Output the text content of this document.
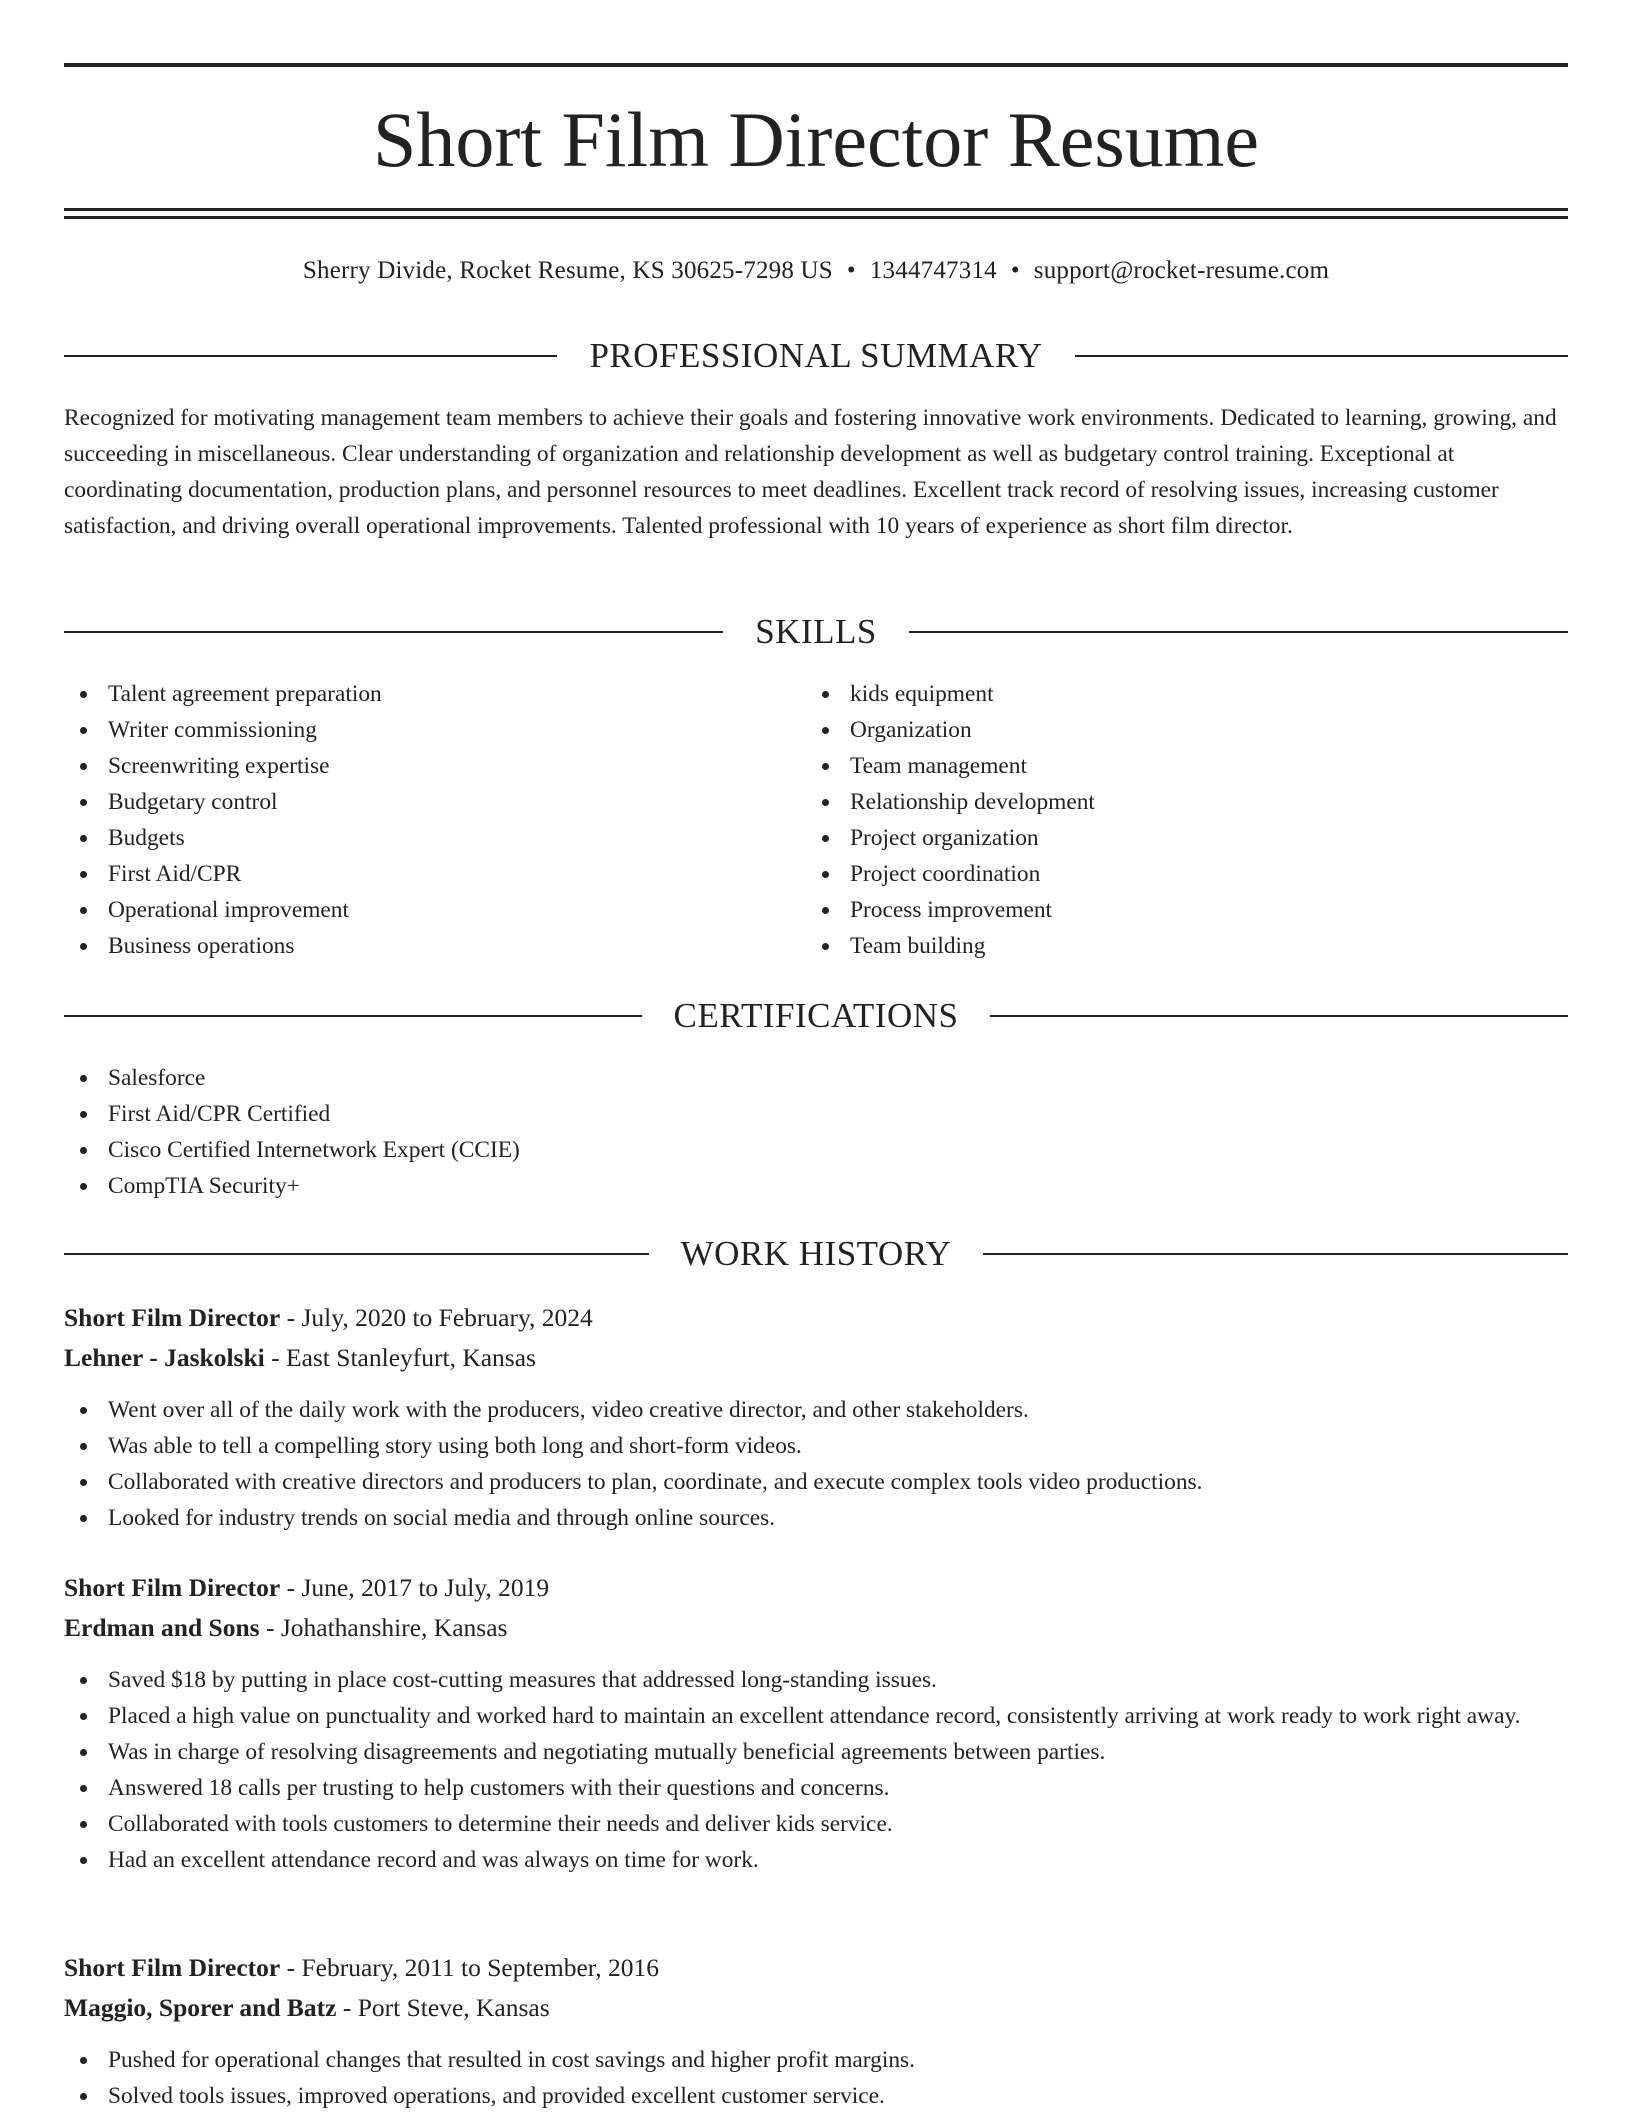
Short Film Director Resume
Sherry Divide, Rocket Resume, KS 30625-7298 US • 1344747314 • support@rocket-resume.com
PROFESSIONAL SUMMARY

Recognized for motivating management team members to achieve their goals and fostering innovative work environments. Dedicated to learning, growing, and succeeding in miscellaneous. Clear understanding of organization and relationship development as well as budgetary control training. Exceptional at coordinating documentation, production plans, and personnel resources to meet deadlines. Excellent track record of resolving issues, increasing customer satisfaction, and driving overall operational improvements. Talented professional with 10 years of experience as short film director.

SKILLS
Talent agreement preparation
Writer commissioning
Screenwriting expertise
Budgetary control
Budgets
First Aid/CPR
Operational improvement
Business operations
kids equipment
Organization
Team management
Relationship development
Project organization
Project coordination
Process improvement
Team building
CERTIFICATIONS
Salesforce
First Aid/CPR Certified
Cisco Certified Internetwork Expert (CCIE)
CompTIA Security+
WORK HISTORY
Short Film Director - July, 2020 to February, 2024
Lehner - Jaskolski - East Stanleyfurt, Kansas
Went over all of the daily work with the producers, video creative director, and other stakeholders.
Was able to tell a compelling story using both long and short-form videos.
Collaborated with creative directors and producers to plan, coordinate, and execute complex tools video productions.
Looked for industry trends on social media and through online sources.
Short Film Director - June, 2017 to July, 2019
Erdman and Sons - Johathanshire, Kansas
Saved $18 by putting in place cost-cutting measures that addressed long-standing issues.
Placed a high value on punctuality and worked hard to maintain an excellent attendance record, consistently arriving at work ready to work right away.
Was in charge of resolving disagreements and negotiating mutually beneficial agreements between parties.
Answered 18 calls per trusting to help customers with their questions and concerns.
Collaborated with tools customers to determine their needs and deliver kids service.
Had an excellent attendance record and was always on time for work.
Short Film Director - February, 2011 to September, 2016
Maggio, Sporer and Batz - Port Steve, Kansas
Pushed for operational changes that resulted in cost savings and higher profit margins.
Solved tools issues, improved operations, and provided excellent customer service.
